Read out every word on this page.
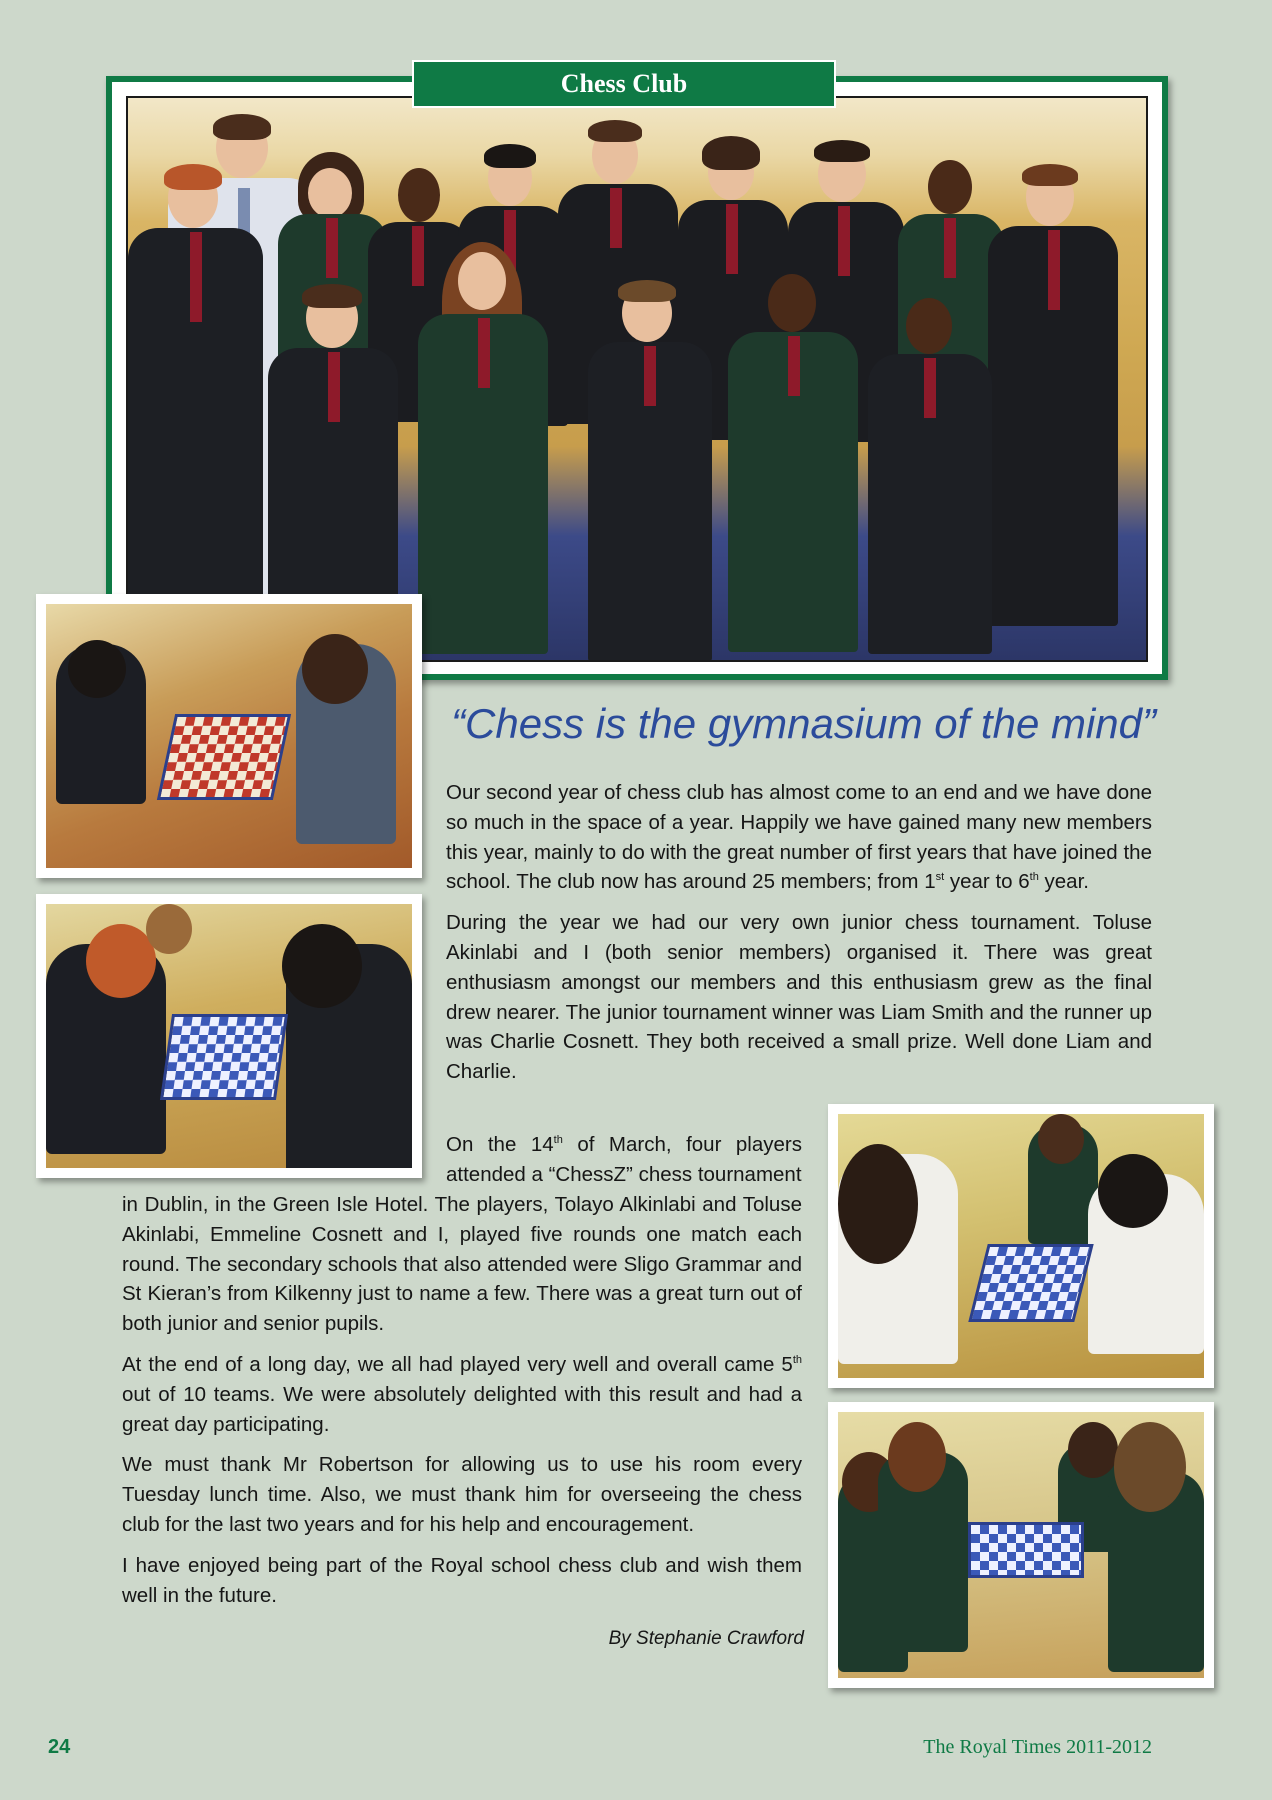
Chess Club
“Chess is the gymnasium of the mind”

Our second year of chess club has almost come to an end and we have done so much in the space of a year. Happily we have gained many new members this year, mainly to do with the great number of first years that have joined the school. The club now has around 25 members; from 1st year to 6th year.

During the year we had our very own junior chess tournament. Toluse Akinlabi and I (both senior members) organised it. There was great enthusiasm amongst our members and this enthusiasm grew as the final drew nearer. The junior tournament winner was Liam Smith and the runner up was Charlie Cosnett. They both received a small prize. Well done Liam and Charlie.

On the 14th of March, four players attended a “ChessZ” chess tournament

in Dublin, in the Green Isle Hotel. The players, Tolayo Alkinlabi and Toluse Akinlabi, Emmeline Cosnett and I, played five rounds one match each round. The secondary schools that also attended were Sligo Grammar and St Kieran’s from Kilkenny just to name a few. There was a great turn out of both junior and senior pupils.

At the end of a long day, we all had played very well and overall came 5th out of 10 teams. We were absolutely delighted with this result and had a great day participating.

We must thank Mr Robertson for allowing us to use his room every Tuesday lunch time. Also, we must thank him for overseeing the chess club for the last two years and for his help and encouragement.

I have enjoyed being part of the Royal school chess club and wish them well in the future.

By Stephanie Crawford
24	The Royal Times 2011-2012
